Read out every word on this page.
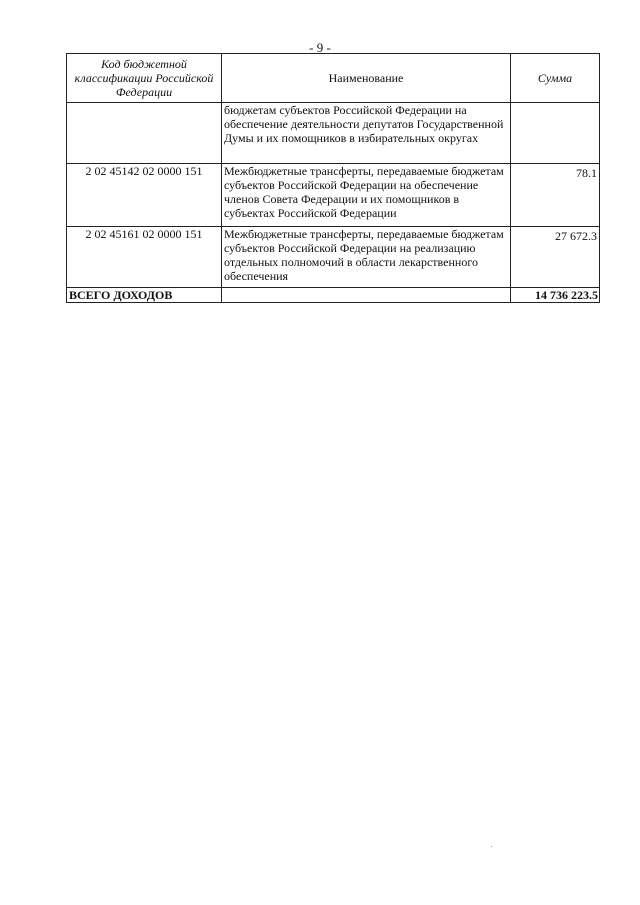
- 9 -
Код бюджетной классификации Российской Федерации	Наименование	Сумма
	бюджетам субъектов Российской Федерации на обеспечение деятельности депутатов Государственной Думы и их помощников в избирательных округах	
2 02 45142 02 0000 151	Межбюджетные трансферты, передаваемые бюджетам субъектов Российской Федерации на обеспечение членов Совета Федерации и их помощников в субъектах Российской Федерации	78.1
2 02 45161 02 0000 151	Межбюджетные трансферты, передаваемые бюджетам субъектов Российской Федерации на реализацию отдельных полномочий в области лекарственного обеспечения	27 672.3
ВСЕГО ДОХОДОВ		14 736 223.5
